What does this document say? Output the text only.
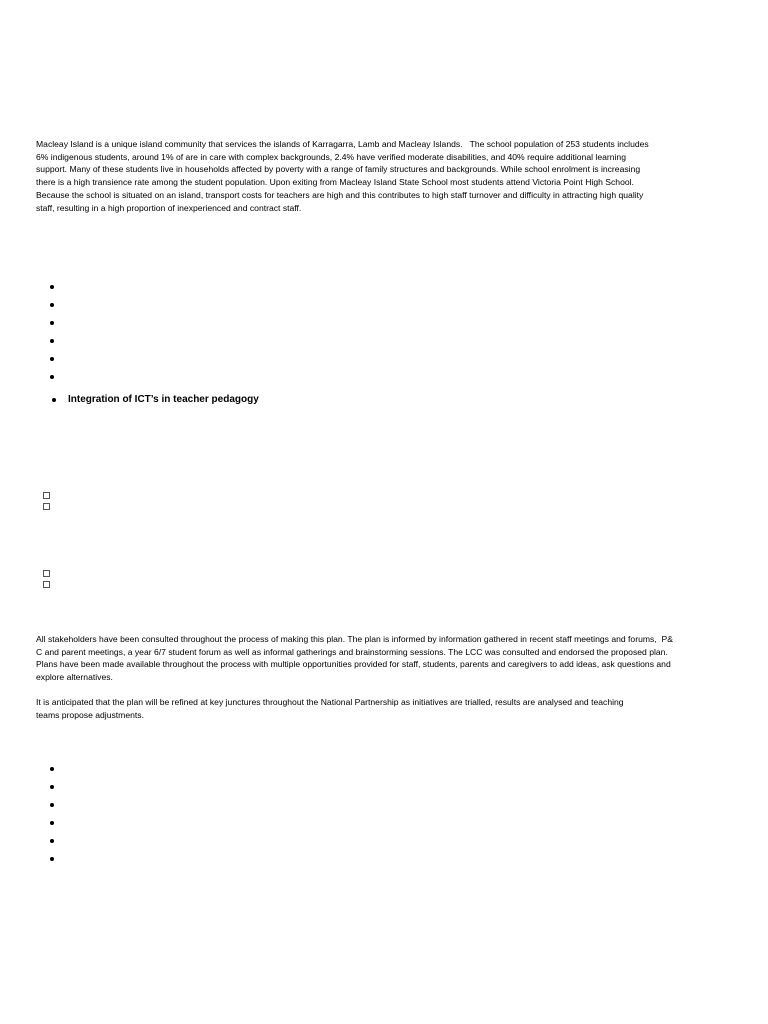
Macleay Island is a unique island community that services the islands of Karragarra, Lamb and Macleay Islands.   The school population of 253 students includes
6% indigenous students, around 1% of are in care with complex backgrounds, 2.4% have verified moderate disabilities, and 40% require additional learning
support. Many of these students live in households affected by poverty with a range of family structures and backgrounds. While school enrolment is increasing
there is a high transience rate among the student population. Upon exiting from Macleay Island State School most students attend Victoria Point High School.
Because the school is situated on an island, transport costs for teachers are high and this contributes to high staff turnover and difficulty in attracting high quality
staff, resulting in a high proportion of inexperienced and contract staff.

Integration of ICT’s in teacher pedagogy

All stakeholders have been consulted throughout the process of making this plan. The plan is informed by information gathered in recent staff meetings and forums,  P&
C and parent meetings, a year 6/7 student forum as well as informal gatherings and brainstorming sessions. The LCC was consulted and endorsed the proposed plan.
Plans have been made available throughout the process with multiple opportunities provided for staff, students, parents and caregivers to add ideas, ask questions and
explore alternatives.

It is anticipated that the plan will be refined at key junctures throughout the National Partnership as initiatives are trialled, results are analysed and teaching
teams propose adjustments.
